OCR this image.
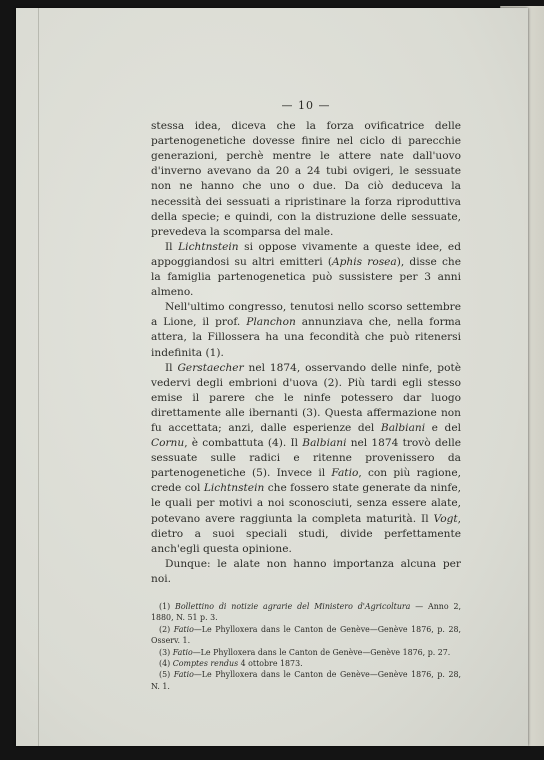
— 10 —

stessa idea, diceva che la forza ovificatrice delle partenogenetiche dovesse finire nel ciclo di parecchie generazioni, perchè mentre le attere nate dall'uovo d'inverno avevano da 20 a 24 tubi ovigeri, le sessuate non ne hanno che uno o due. Da ciò deduceva la necessità dei sessuati a ripristinare la forza riproduttiva della specie; e quindi, con la distruzione delle sessuate, prevedeva la scomparsa del male.

Il Lichtnstein si oppose vivamente a queste idee, ed appoggiandosi su altri emitteri (Aphis rosea), disse che la famiglia partenogenetica può sussistere per 3 anni almeno.

Nell'ultimo congresso, tenutosi nello scorso settembre a Lione, il prof. Planchon annunziava che, nella forma attera, la Fillossera ha una fecondità che può ritenersi indefinita (1).

Il Gerstaecher nel 1874, osservando delle ninfe, potè vedervi degli embrioni d'uova (2). Più tardi egli stesso emise il parere che le ninfe potessero dar luogo direttamente alle ibernanti (3). Questa affermazione non fu accettata; anzi, dalle esperienze del Balbiani e del Cornu, è combattuta (4). Il Balbiani nel 1874 trovò delle sessuate sulle radici e ritenne provenissero da partenogenetiche (5). Invece il Fatio, con più ragione, crede col Lichtnstein che fossero state generate da ninfe, le quali per motivi a noi sconosciuti, senza essere alate, potevano avere raggiunta la completa maturità. Il Vogt, dietro a suoi speciali studi, divide perfettamente anch'egli questa opinione.

Dunque: le alate non hanno importanza alcuna per noi.

(1) Bollettino di notizie agrarie del Ministero d'Agricoltura — Anno 2, 1880, N. 51 p. 3.

(2) Fatio—Le Phylloxera dans le Canton de Genève—Genève 1876, p. 28, Osserv. 1.

(3) Fatio—Le Phylloxera dans le Canton de Genève—Genève 1876, p. 27.

(4) Comptes rendus 4 ottobre 1873.

(5) Fatio—Le Phylloxera dans le Canton de Genève—Genève 1876, p. 28, N. 1.
